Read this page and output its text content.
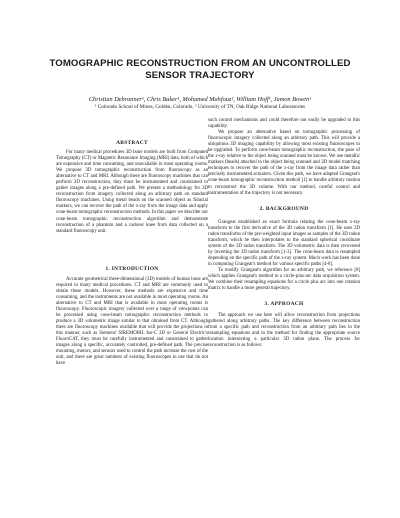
TOMOGRAPHIC RECONSTRUCTION FROM AN UNCONTROLLED SENSOR TRAJECTORY
Christian Debrunner¹, Chris Baker¹, Mohamed Mahfouz², William Hoff¹, Jamon Bowen¹
¹ Colorado School of Mines, Golden, Colorado, ² University of TN, Oak Ridge National Laboratories
ABSTRACT

For many medical procedures 3D bone models are built from Computed Tomography (CT) or Magnetic Resonance Imaging (MRI) data, both of which are expensive and time consuming, and unavailable in most operating rooms. We propose 3D tomographic reconstruction from fluoroscopy as an alternative to CT and MRI. Although there are fluoroscopy machines that can perform 3D reconstruction, they must be instrumented and constrained to gather images along a pre-defined path. We present a methodology for 3D reconstruction from imagery collected along an arbitrary path on standard fluoroscopy machines. Using metal beads on the scanned object as fiducial markers, we can recover the path of the x-ray from the image data and apply cone-beam tomographic reconstruction methods. In this paper we describe our cone-beam tomographic reconstruction algorithm and demonstrate reconstruction of a phantom and a cadaver knee from data collected on a standard fluoroscopy unit.

1. INTRODUCTION

Accurate geometrical three-dimensional (3D) models of human bone are required in many medical procedures. CT and MRI are commonly used to obtain these models. However, these methods are expensive and time consuming, and the instruments are not available in most operating rooms. An alternative to CT and MRI that is available in most operating rooms is fluoroscopy. Fluoroscopic imagery collected over a range of viewpoints can be processed using cone-beam tomographic reconstruction methods to produce a 3D volumetric image similar to that obtained from CT. Although there are fluoroscopy machines available that will provide the projections in this manner, such as Siemens' SIREMOBIL Iso-C 3D or General Electric's FluoroCAT, they must be carefully instrumented and constrained to gather images along a specific, accurately controlled, pre-defined path. The precise mounting, motors, and sensors used to control the path increase the cost of the unit, and there are great numbers of existing fluoroscopes in use that do not have

such control mechanisms and could therefore not easily be upgraded to this capability.

We propose an alternative based on tomographic processing of fluoroscopic imagery collected along an arbitrary path. This will provide a ubiquitous 3D imaging capability by allowing most existing fluoroscopes to be upgraded. To perform cone-beam tomographic reconstruction, the pose of the x-ray relative to the object being scanned must be known. We use metallic markers (beads) attached to the object being scanned and 3D model matching techniques to recover the path of the x-ray from the image data rather than precisely instrumented actuators. Given this path, we have adapted Grangeat's cone-beam tomographic reconstruction method [1] to handle arbitrary motion to reconstruct the 3D volume. With our method, careful control and instrumentation of the trajectory is not necessary.

2. BACKGROUND

Grangeat established an exact formula relating the cone-beam x-ray transform to the first derivative of the 3D radon transform [1]. He uses 2D radon transforms of the pre-weighted input images as samples of the 3D radon transform, which he then interpolates to the standard spherical coordinate system of the 3D radon transform. The 3D volumetric data is then recovered by inverting the 3D radon transform [1-3]. The cone-beam data is resampled depending on the specific path of the x-ray system. Much work has been done in computing Grangeat's method for various specific paths [4-8].

To modify Grangeat's algorithm for an arbitrary path, we reference [8] which applies Grangeat's method to a circle-plus-arc data acquisition system. We combine their resampling equations for a circle plus arc into one rotation matrix to handle a more general trajectory.

3. APPROACH

The approach we use here will allow reconstruction from projections gathered along arbitrary paths. The key difference between reconstruction from a specific path and reconstruction from an arbitrary path lies in the resampling equations and in the method for finding the appropriate source location intersecting a particular 3D radon plane. The process for reconstruction is as follows:
